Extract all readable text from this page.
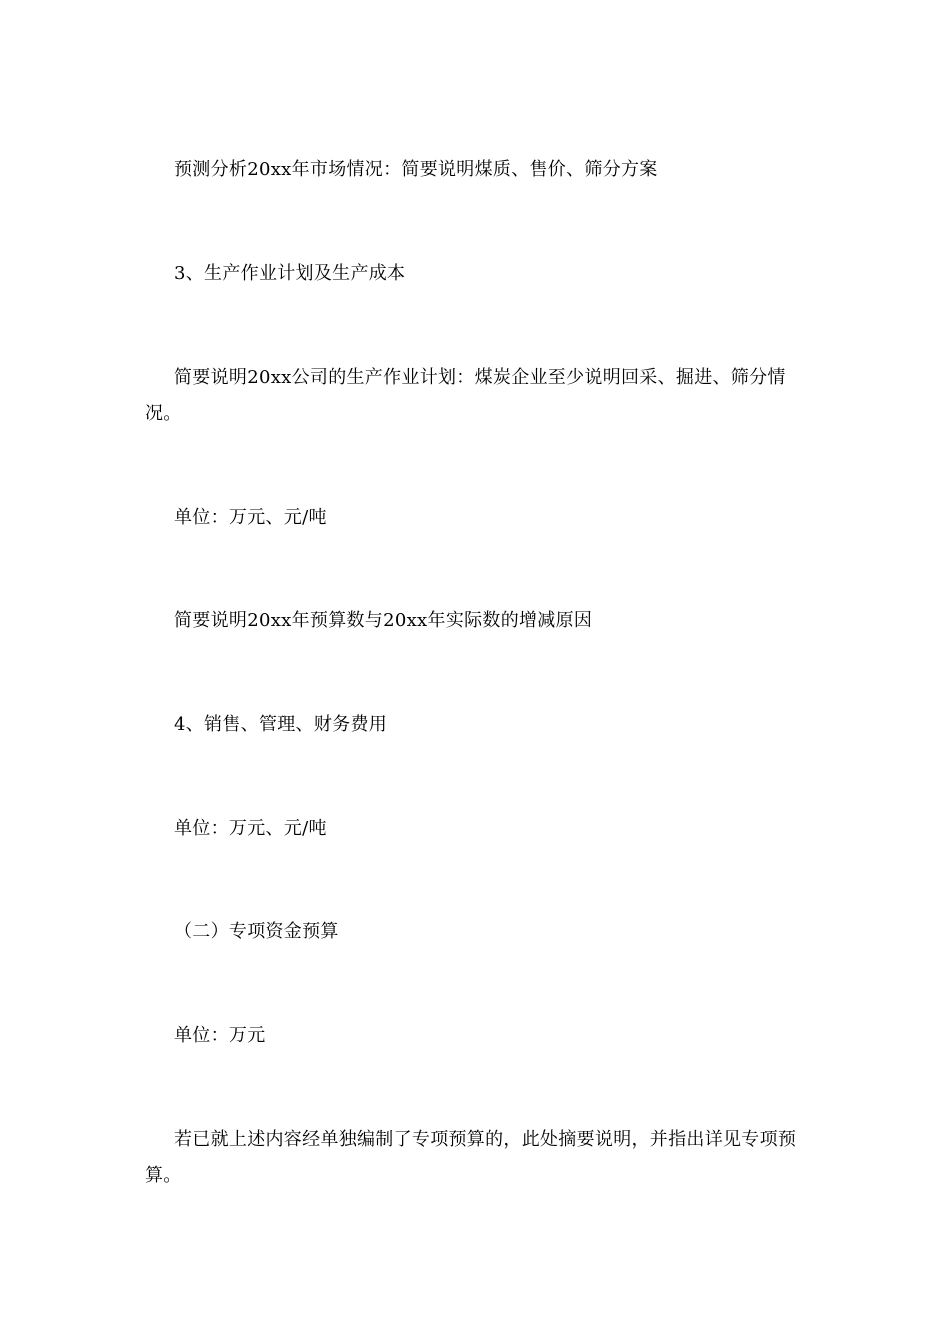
预测分析20xx年市场情况：简要说明煤质、售价、筛分方案

3、生产作业计划及生产成本

简要说明20xx公司的生产作业计划：煤炭企业至少说明回采、掘进、筛分情况。

单位：万元、元/吨

简要说明20xx年预算数与20xx年实际数的增减原因

4、销售、管理、财务费用

单位：万元、元/吨

（二）专项资金预算

单位：万元

若已就上述内容经单独编制了专项预算的，此处摘要说明，并指出详见专项预算。
